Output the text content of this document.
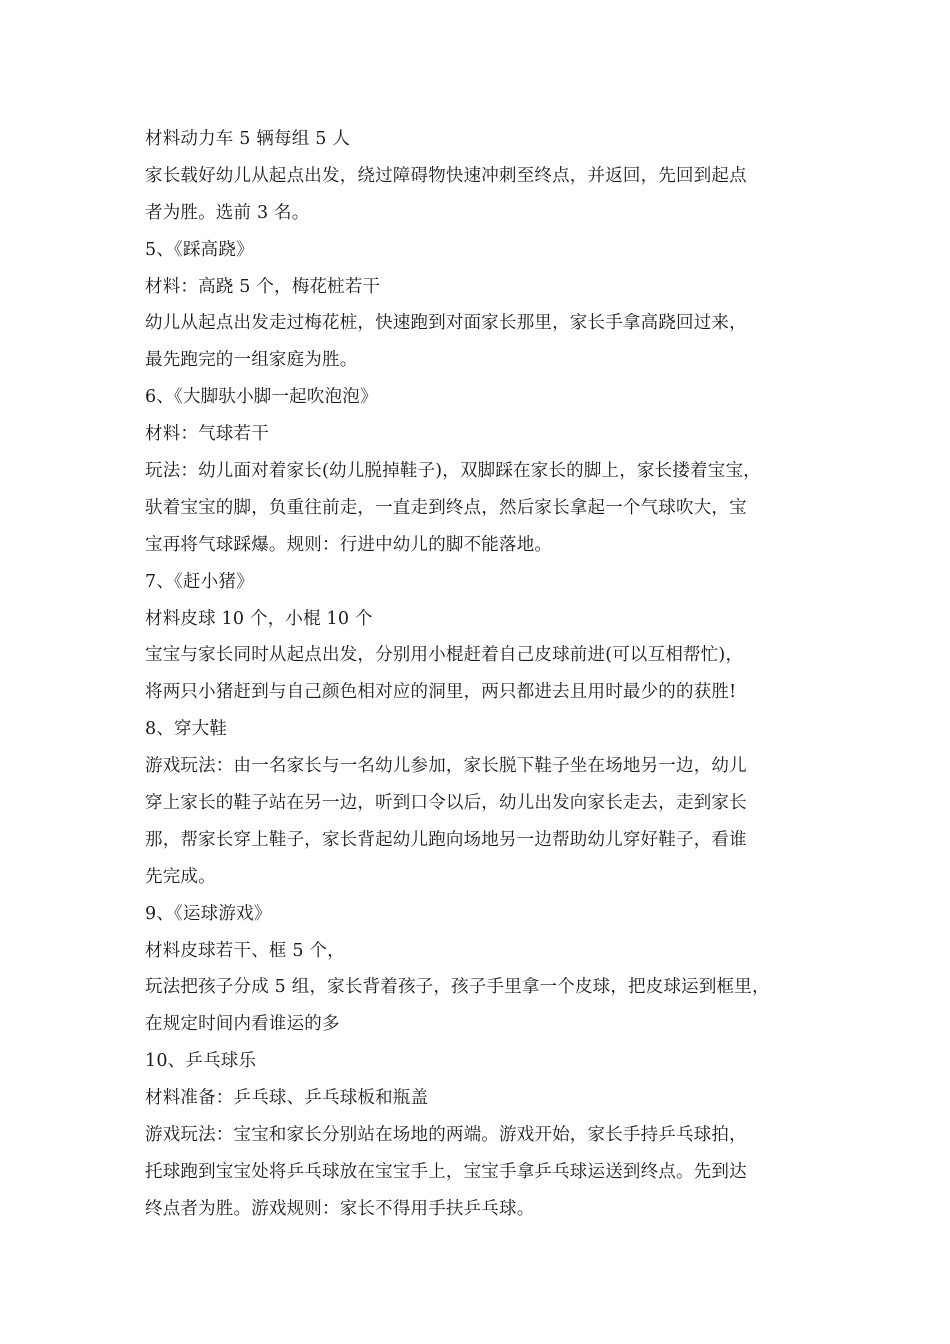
材料动力车 5 辆每组 5 人
家长载好幼儿从起点出发，绕过障碍物快速冲刺至终点，并返回，先回到起点
者为胜。选前 3 名。
5、《踩高跷》
材料：高跷 5 个，梅花桩若干
幼儿从起点出发走过梅花桩，快速跑到对面家长那里，家长手拿高跷回过来，
最先跑完的一组家庭为胜。
6、《大脚驮小脚一起吹泡泡》
材料：气球若干
玩法：幼儿面对着家长(幼儿脱掉鞋子)，双脚踩在家长的脚上，家长搂着宝宝，
驮着宝宝的脚，负重往前走，一直走到终点，然后家长拿起一个气球吹大，宝
宝再将气球踩爆。规则：行进中幼儿的脚不能落地。
7、《赶小猪》
材料皮球 10 个，小棍 10 个
宝宝与家长同时从起点出发，分别用小棍赶着自己皮球前进(可以互相帮忙)，
将两只小猪赶到与自己颜色相对应的洞里，两只都进去且用时最少的的获胜!
8、穿大鞋
游戏玩法：由一名家长与一名幼儿参加，家长脱下鞋子坐在场地另一边，幼儿
穿上家长的鞋子站在另一边，听到口令以后，幼儿出发向家长走去，走到家长
那，帮家长穿上鞋子，家长背起幼儿跑向场地另一边帮助幼儿穿好鞋子，看谁
先完成。
9、《运球游戏》
材料皮球若干、框 5 个，
玩法把孩子分成 5 组，家长背着孩子，孩子手里拿一个皮球，把皮球运到框里，
在规定时间内看谁运的多
10、乒乓球乐
材料准备：乒乓球、乒乓球板和瓶盖
游戏玩法：宝宝和家长分别站在场地的两端。游戏开始，家长手持乒乓球拍，
托球跑到宝宝处将乒乓球放在宝宝手上，宝宝手拿乒乓球运送到终点。先到达
终点者为胜。游戏规则：家长不得用手扶乒乓球。
